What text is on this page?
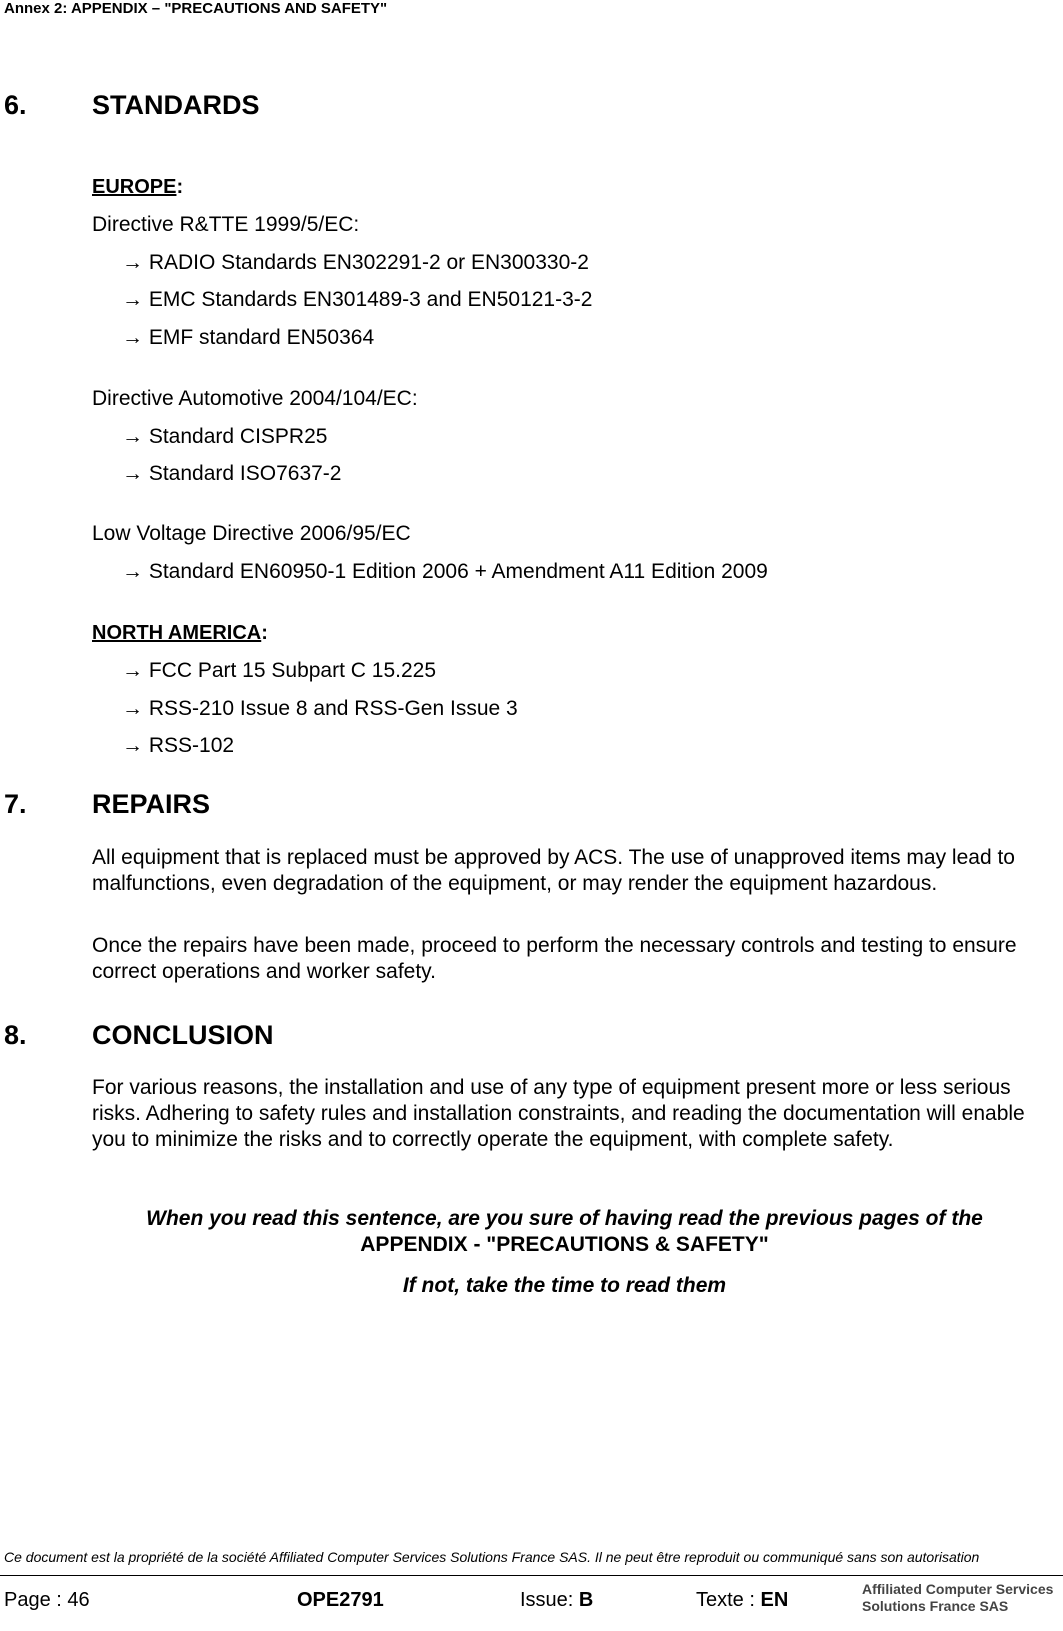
Annex 2: APPENDIX – "PRECAUTIONS AND SAFETY"
6. STANDARDS
EUROPE:
Directive R&TTE 1999/5/EC:
→ RADIO Standards EN302291-2 or EN300330-2
→ EMC Standards EN301489-3 and EN50121-3-2
→ EMF standard EN50364
Directive Automotive 2004/104/EC:
→ Standard CISPR25
→ Standard ISO7637-2
Low Voltage Directive 2006/95/EC
→ Standard EN60950-1 Edition 2006 + Amendment A11 Edition 2009
NORTH AMERICA:
→ FCC Part 15 Subpart C 15.225
→ RSS-210 Issue 8 and RSS-Gen Issue 3
→ RSS-102
7. REPAIRS
All equipment that is replaced must be approved by ACS. The use of unapproved items may lead to malfunctions, even degradation of the equipment, or may render the equipment hazardous.
Once the repairs have been made, proceed to perform the necessary controls and testing to ensure correct operations and worker safety.
8. CONCLUSION
For various reasons, the installation and use of any type of equipment present more or less serious risks. Adhering to safety rules and installation constraints, and reading the documentation will enable you to minimize the risks and to correctly operate the equipment, with complete safety.
When you read this sentence, are you sure of having read the previous pages of the
APPENDIX - "PRECAUTIONS & SAFETY"
If not, take the time to read them
Ce document est la propriété de la société Affiliated Computer Services Solutions France SAS. Il ne peut être reproduit ou communiqué sans son autorisation
Page : 46	OPE2791	Issue: B	Texte : EN	Affiliated Computer Services
Solutions France SAS
